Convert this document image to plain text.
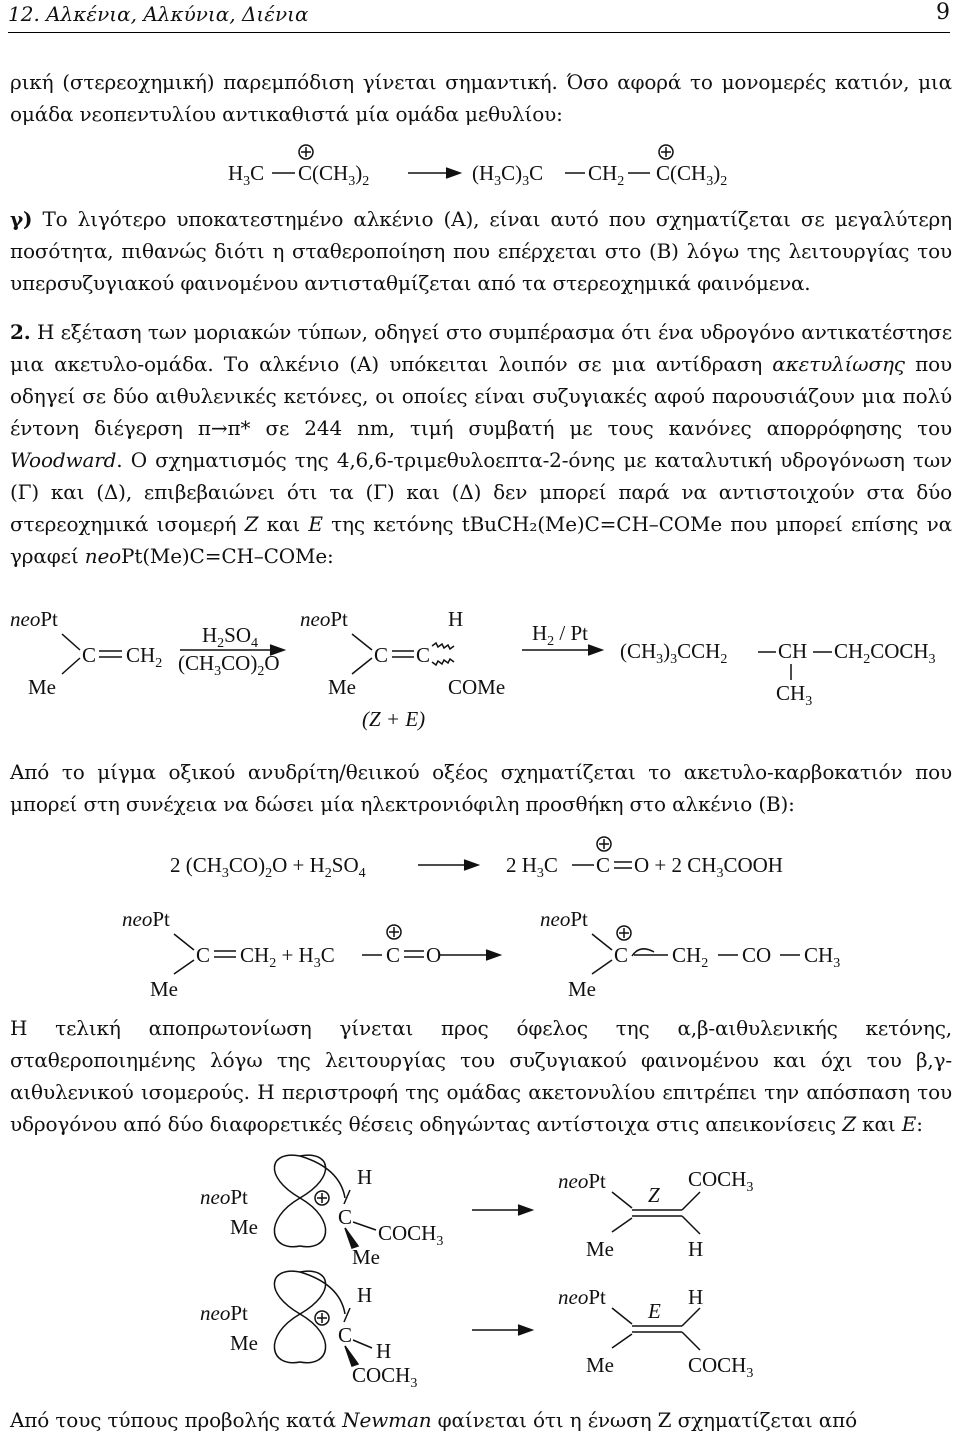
12. Αλκένια, Αλκύνια, Διένια	9
ρική (στερεοχημική) παρεμπόδιση γίνεται σημαντική. Όσο αφορά το μονομερές κατιόν, μια ομάδα νεοπεντυλίου αντικαθιστά μία ομάδα μεθυλίου:
$H_3C$ $C(CH_3)_2$	$(H_3C)_3C$ $CH_2$ $C(CH_3)_2$
γ) Το λιγότερο υποκατεστημένο αλκένιο (Α), είναι αυτό που σχηματίζεται σε μεγαλύτερη ποσότητα, πιθανώς διότι η σταθεροποίηση που επέρχεται στο (Β) λόγω της λειτουργίας του υπερσυζυγιακού φαινομένου αντισταθμίζεται από τα στερεοχημικά φαινόμενα.
2. Η εξέταση των μοριακών τύπων, οδηγεί στο συμπέρασμα ότι ένα υδρογόνο αντικατέστησε μια ακετυλο-ομάδα. Το αλκένιο (Α) υπόκειται λοιπόν σε μια αντίδραση ακετυλίωσης που οδηγεί σε δύο αιθυλενικές κετόνες, οι οποίες είναι συζυγιακές αφού παρουσιάζουν μια πολύ έντονη διέγερση π→π* σε 244 nm, τιμή συμβατή με τους κανόνες απορρόφησης του Woodward. Ο σχηματισμός της 4,6,6-τριμεθυλοεπτα-2-όνης με καταλυτική υδρογόνωση των (Γ) και (Δ), επιβεβαιώνει ότι τα (Γ) και (Δ) δεν μπορεί παρά να αντιστοιχούν στα δύο στερεοχημικά ισομερή Z και E της κετόνης tBuCH₂(Me)C=CH–COMe που μπορεί επίσης να γραφεί neoPt(Me)C=CH–COMe:
neoPt
Me
C $CH_2$
$H_2SO_4$
$(CH_3CO)_2O$
neoPt
Me
C C
H
COMe
(Z + E)
$H_2$ / Pt
$(CH_3)_3CCH_2$ CH $CH_2COCH_3$
$CH_3$
Από το μίγμα οξικού ανυδρίτη/θειικού οξέος σχηματίζεται το ακετυλο-καρβοκατιόν που μπορεί στη συνέχεια να δώσει μία ηλεκτρονιόφιλη προσθήκη στο αλκένιο (Β):
2 $(CH_3CO)_2O + H_2SO_4$	2 $H_3C$ C O + 2 $CH_3COOH$
neoPt
Me
C $CH_2 + H_3C$ C O
neoPt
Me
C $CH_2$ CO $CH_3$
Η τελική αποπρωτονίωση γίνεται προς όφελος της α,β-αιθυλενικής κετόνης, σταθεροποιημένης λόγω της λειτουργίας του συζυγιακού φαινομένου και όχι του β,γ-αιθυλενικού ισομερούς. Η περιστροφή της ομάδας ακετονυλίου επιτρέπει την απόσπαση του υδρογόνου από δύο διαφορετικές θέσεις οδηγώντας αντίστοιχα στις απεικονίσεις Z και E:
neoPt
Me
H
C
$COCH_3$
Me
neoPt
Me
H
C
H
$COCH_3$
neoPt
Me
Z
$COCH_3$
H
neoPt
Me
E
H
$COCH_3$
Από τους τύπους προβολής κατά Newman φαίνεται ότι η ένωση Z σχηματίζεται από
